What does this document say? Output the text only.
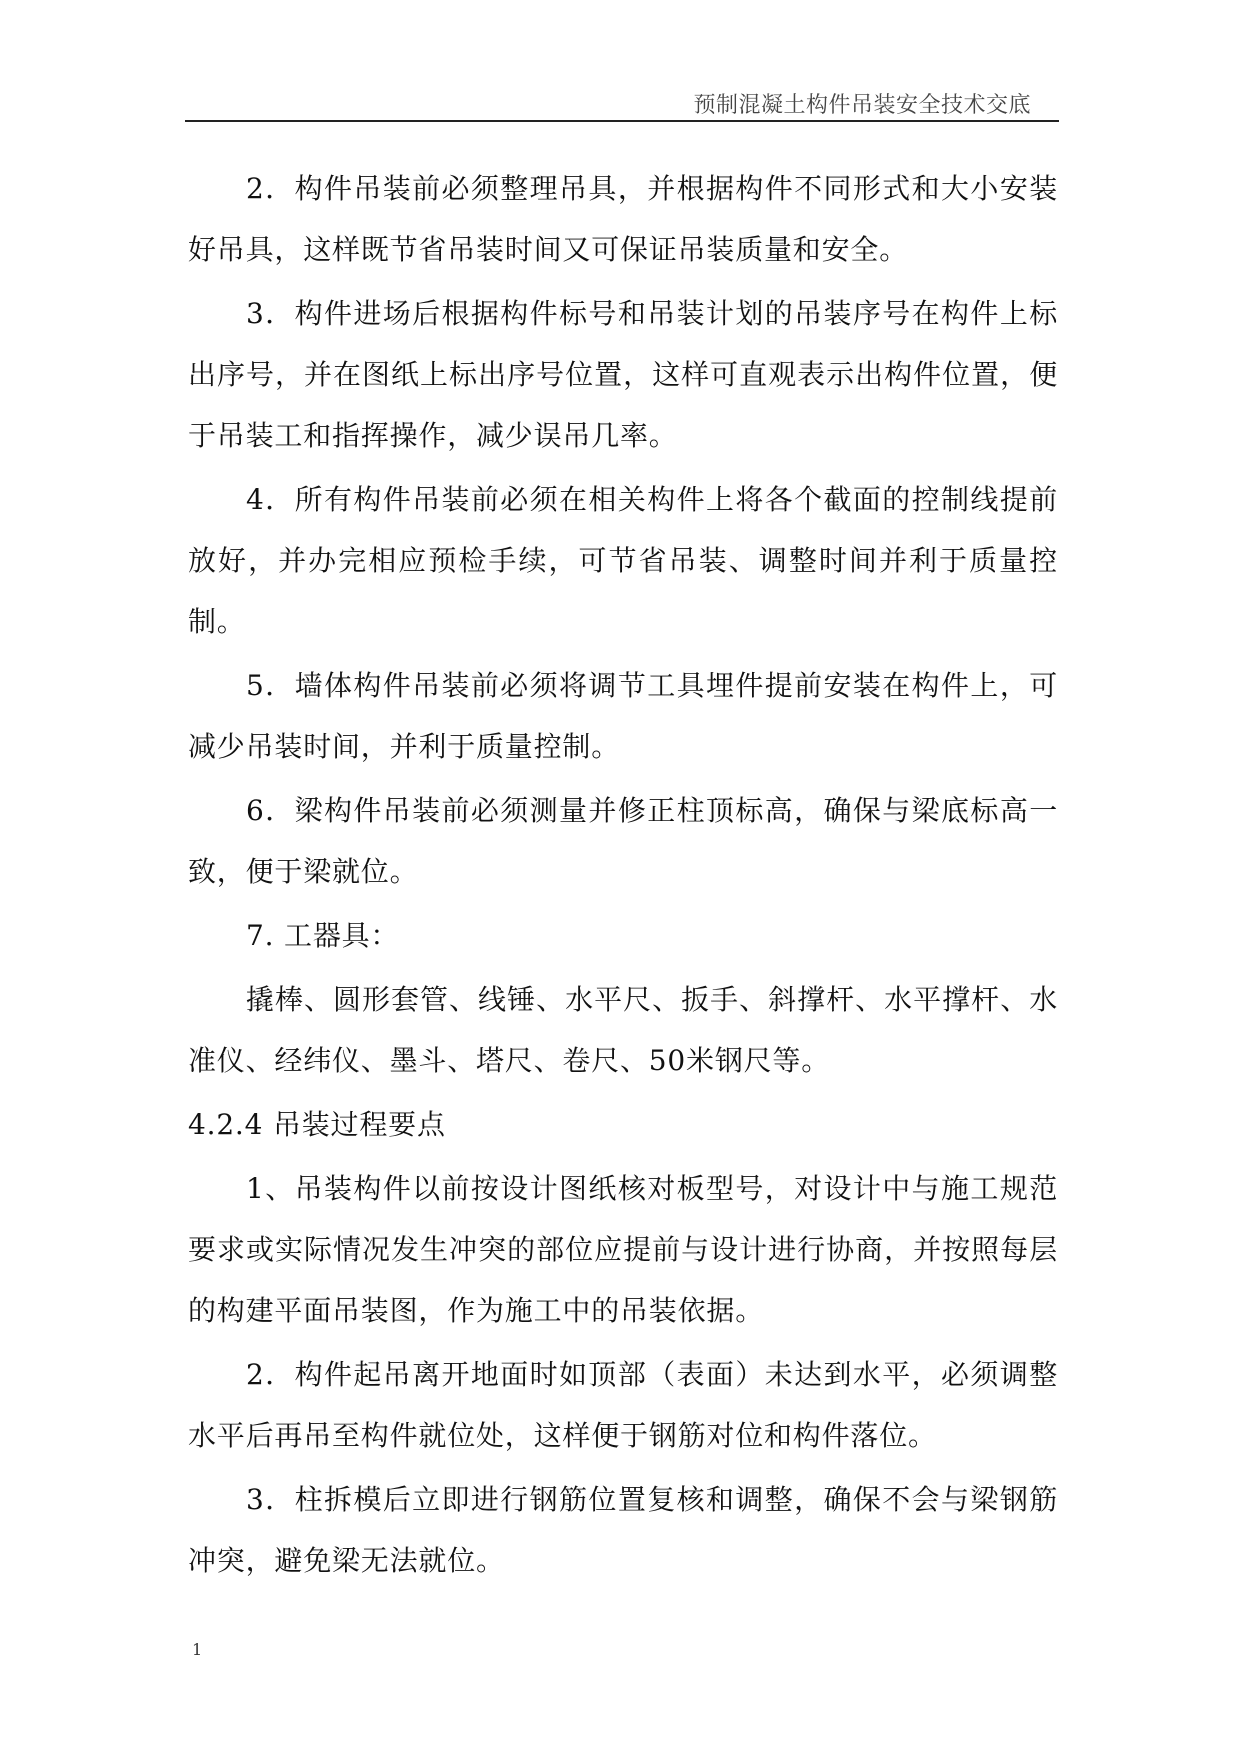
预制混凝土构件吊装安全技术交底

2．构件吊装前必须整理吊具，并根据构件不同形式和大小安装好吊具，这样既节省吊装时间又可保证吊装质量和安全。

3．构件进场后根据构件标号和吊装计划的吊装序号在构件上标出序号，并在图纸上标出序号位置，这样可直观表示出构件位置，便于吊装工和指挥操作，减少误吊几率。

4．所有构件吊装前必须在相关构件上将各个截面的控制线提前放好，并办完相应预检手续，可节省吊装、调整时间并利于质量控制。

5．墙体构件吊装前必须将调节工具埋件提前安装在构件上，可减少吊装时间，并利于质量控制。

6．梁构件吊装前必须测量并修正柱顶标高，确保与梁底标高一致，便于梁就位。

7. 工器具：

撬棒、圆形套管、线锤、水平尺、扳手、斜撑杆、水平撑杆、水准仪、经纬仪、墨斗、塔尺、卷尺、50米钢尺等。

4.2.4 吊装过程要点

1、吊装构件以前按设计图纸核对板型号，对设计中与施工规范要求或实际情况发生冲突的部位应提前与设计进行协商，并按照每层的构建平面吊装图，作为施工中的吊装依据。

2．构件起吊离开地面时如顶部（表面）未达到水平，必须调整水平后再吊至构件就位处，这样便于钢筋对位和构件落位。

3．柱拆模后立即进行钢筋位置复核和调整，确保不会与梁钢筋冲突，避免梁无法就位。

1
